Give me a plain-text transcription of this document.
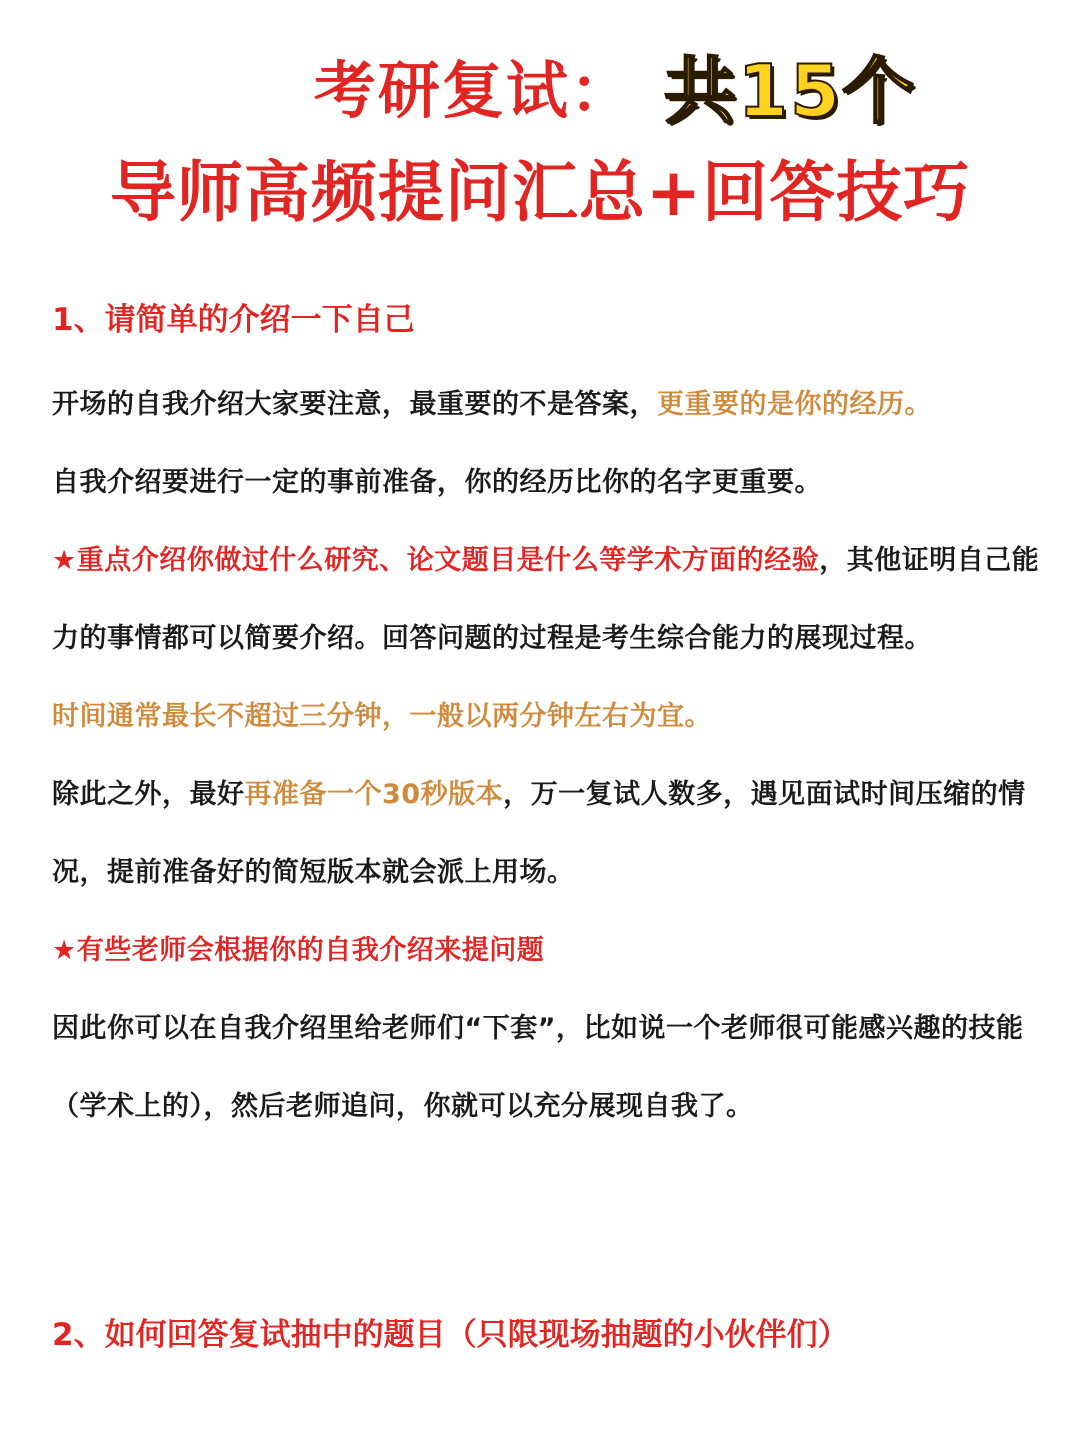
考研复试： 共15个
导师高频提问汇总+回答技巧
1、请简单的介绍一下自己
开场的自我介绍大家要注意，最重要的不是答案，更重要的是你的经历。
自我介绍要进行一定的事前准备，你的经历比你的名字更重要。
★重点介绍你做过什么研究、论文题目是什么等学术方面的经验，其他证明自己能力的事情都可以简要介绍。回答问题的过程是考生综合能力的展现过程。
时间通常最长不超过三分钟，一般以两分钟左右为宜。
除此之外，最好再准备一个30秒版本，万一复试人数多，遇见面试时间压缩的情况，提前准备好的简短版本就会派上用场。
★有些老师会根据你的自我介绍来提问题
因此你可以在自我介绍里给老师们“下套”，比如说一个老师很可能感兴趣的技能（学术上的），然后老师追问，你就可以充分展现自我了。
2、如何回答复试抽中的题目（只限现场抽题的小伙伴们）
